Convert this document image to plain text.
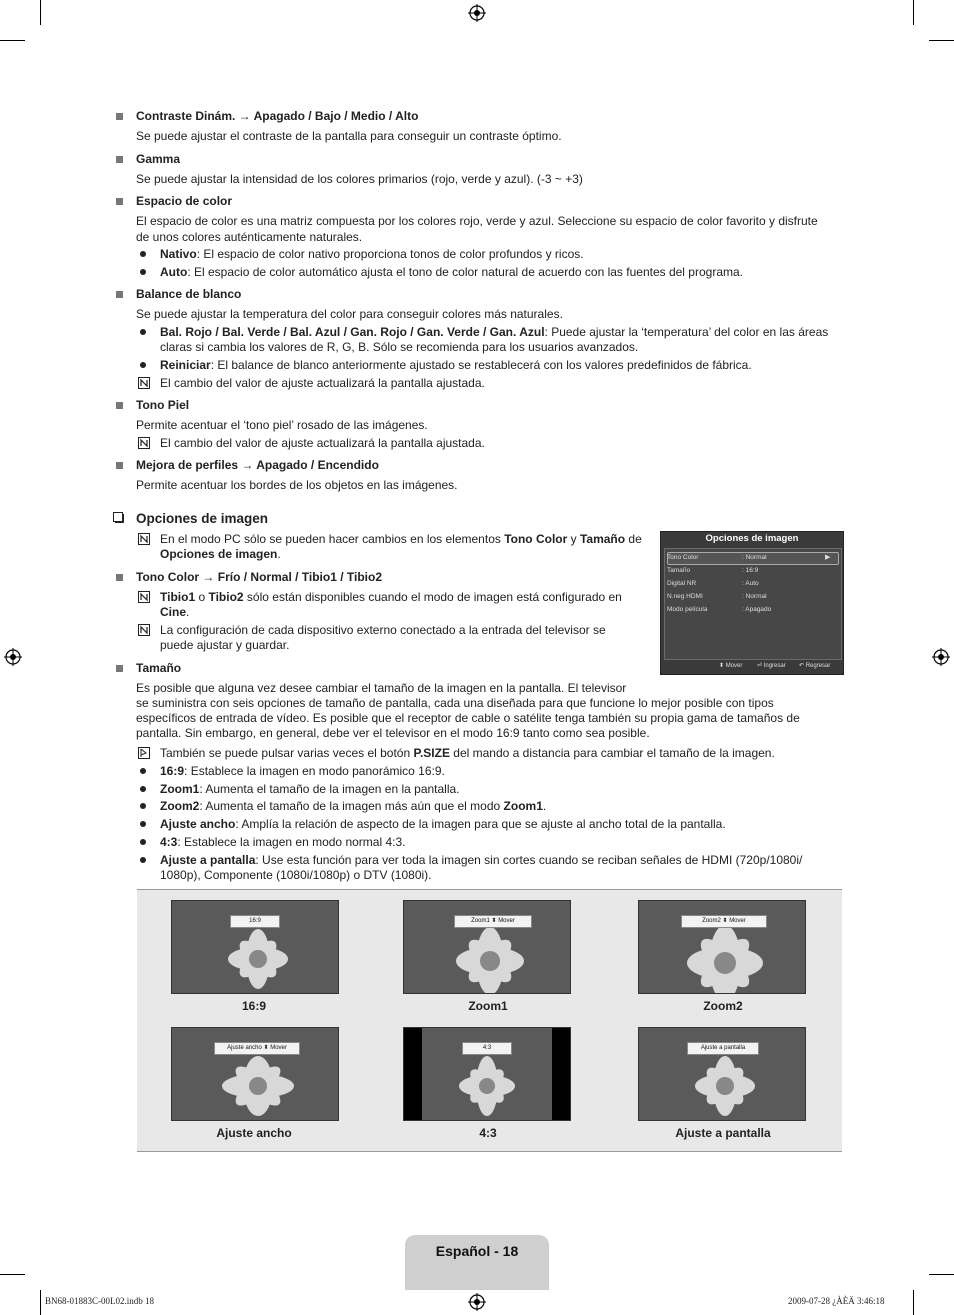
Contraste Dinám. → Apagado / Bajo / Medio / Alto
Se puede ajustar el contraste de la pantalla para conseguir un contraste óptimo.
Gamma
Se puede ajustar la intensidad de los colores primarios (rojo, verde y azul). (-3 ~ +3)
Espacio de color
El espacio de color es una matriz compuesta por los colores rojo, verde y azul. Seleccione su espacio de color favorito y disfrute
de unos colores auténticamente naturales.
Nativo: El espacio de color nativo proporciona tonos de color profundos y ricos.
Auto: El espacio de color automático ajusta el tono de color natural de acuerdo con las fuentes del programa.
Balance de blanco
Se puede ajustar la temperatura del color para conseguir colores más naturales.
Bal. Rojo / Bal. Verde / Bal. Azul / Gan. Rojo / Gan. Verde / Gan. Azul: Puede ajustar la ‘temperatura’ del color en las áreas
claras si cambia los valores de R, G, B. Sólo se recomienda para los usuarios avanzados.
Reiniciar: El balance de blanco anteriormente ajustado se restablecerá con los valores predefinidos de fábrica.
El cambio del valor de ajuste actualizará la pantalla ajustada.
Tono Piel
Permite acentuar el ‘tono piel’ rosado de las imágenes.
El cambio del valor de ajuste actualizará la pantalla ajustada.
Mejora de perfiles → Apagado / Encendido
Permite acentuar los bordes de los objetos en las imágenes.
Opciones de imagen
En el modo PC sólo se pueden hacer cambios en los elementos Tono Color y Tamaño de
Opciones de imagen.
Tono Color → Frío / Normal / Tibio1 / Tibio2
Tibio1 o Tibio2 sólo están disponibles cuando el modo de imagen está configurado en
Cine.
La configuración de cada dispositivo externo conectado a la entrada del televisor se
puede ajustar y guardar.
Opciones de imagen
Tono Color	: Normal	▶
Tamaño	: 16:9
Digital NR	: Auto
N.neg HDMI	: Normal
Modo película	: Apagado
⬍ Mover ⏎ Ingresar ↶ Regresar
Tamaño
Es posible que alguna vez desee cambiar el tamaño de la imagen en la pantalla. El televisor
se suministra con seis opciones de tamaño de pantalla, cada una diseñada para que funcione lo mejor posible con tipos
específicos de entrada de vídeo. Es posible que el receptor de cable o satélite tenga también su propia gama de tamaños de
pantalla. Sin embargo, en general, debe ver el televisor en el modo 16:9 tanto como sea posible.
También se puede pulsar varias veces el botón P.SIZE del mando a distancia para cambiar el tamaño de la imagen.
16:9: Establece la imagen en modo panorámico 16:9.
Zoom1: Aumenta el tamaño de la imagen en la pantalla.
Zoom2: Aumenta el tamaño de la imagen más aún que el modo Zoom1.
Ajuste ancho: Amplía la relación de aspecto de la imagen para que se ajuste al ancho total de la pantalla.
4:3: Establece la imagen en modo normal 4:3.
Ajuste a pantalla: Use esta función para ver toda la imagen sin cortes cuando se reciban señales de HDMI (720p/1080i/
1080p), Componente (1080i/1080p) o DTV (1080i).
16:9	Zoom1 ⬍ Mover	Zoom2 ⬍ Mover
Ajuste ancho ⬍ Mover	4:3	Ajuste a pantalla
16:9	Zoom1	Zoom2
Ajuste ancho	4:3	Ajuste a pantalla
Español - 18
BN68-01883C-00L02.indb 18	2009-07-28 ¿ÀÈÄ 3:46:18
